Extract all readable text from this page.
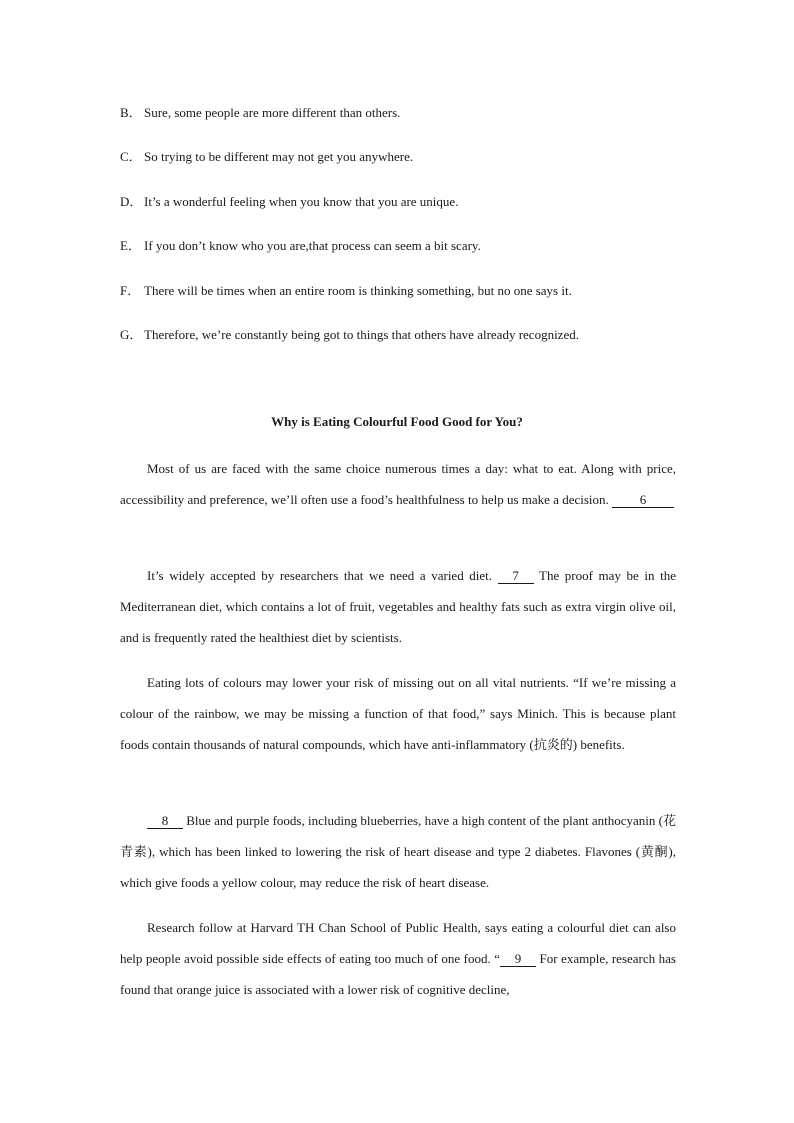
B． Sure, some people are more different than others.
C． So trying to be different may not get you anywhere.
D． It’s a wonderful feeling when you know that you are unique.
E． If you don’t know who you are,that process can seem a bit scary.
F． There will be times when an entire room is thinking something, but no one says it.
G． Therefore, we’re constantly being got to things that others have already recognized.
Why is Eating Colourful Food Good for You?
Most of us are faced with the same choice numerous times a day: what to eat. Along with price, accessibility and preference, we’ll often use a food’s healthfulness to help us make a decision. 6
It’s widely accepted by researchers that we need a varied diet. 7 The proof may be in the Mediterranean diet, which contains a lot of fruit, vegetables and healthy fats such as extra virgin olive oil, and is frequently rated the healthiest diet by scientists.
Eating lots of colours may lower your risk of missing out on all vital nutrients. “If we’re missing a colour of the rainbow, we may be missing a function of that food,” says Minich. This is because plant foods contain thousands of natural compounds, which have anti-inflammatory (抗炎的) benefits.
8 Blue and purple foods, including blueberries, have a high content of the plant anthocyanin (花青素), which has been linked to lowering the risk of heart disease and type 2 diabetes. Flavones (黄酮), which give foods a yellow colour, may reduce the risk of heart disease.
Research follow at Harvard TH Chan School of Public Health, says eating a colourful diet can also help people avoid possible side effects of eating too much of one food. “ 9 For example, research has found that orange juice is associated with a lower risk of cognitive decline,
